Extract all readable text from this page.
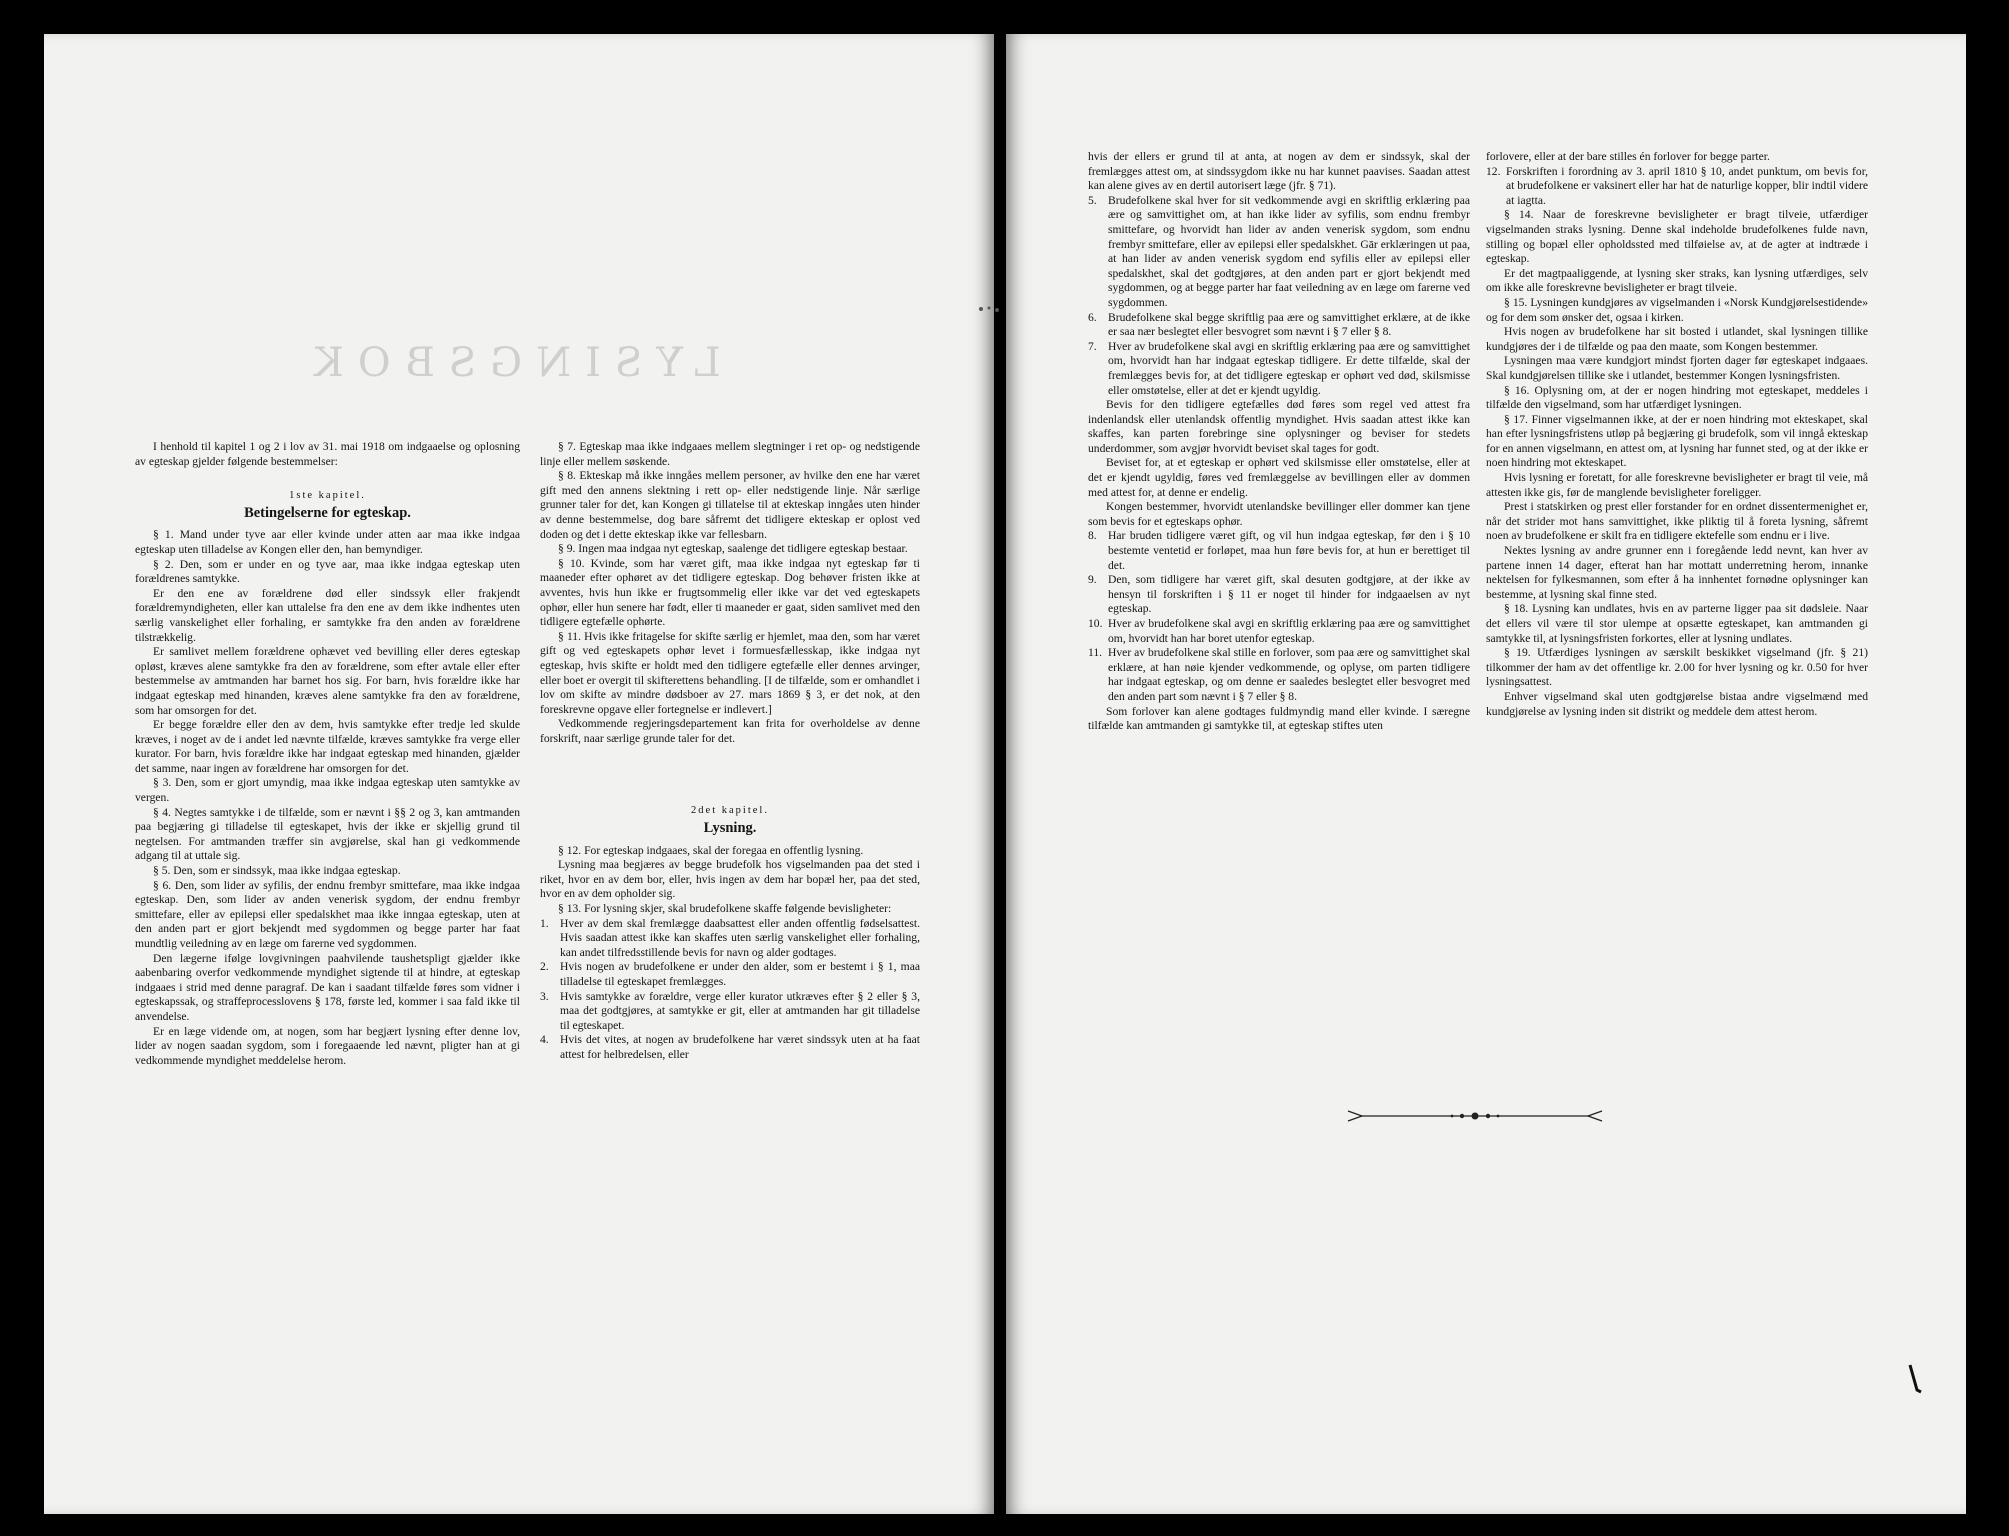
LYSINGSBOK

I henhold til kapitel 1 og 2 i lov av 31. mai 1918 om indgaaelse og oplosning av egteskap gjelder følgende bestemmelser:

1ste kapitel.
Betingelserne for egteskap.

§ 1. Mand under tyve aar eller kvinde under atten aar maa ikke indgaa egteskap uten tilladelse av Kongen eller den, han bemyndiger.

§ 2. Den, som er under en og tyve aar, maa ikke indgaa egteskap uten forældrenes samtykke.

Er den ene av forældrene død eller sindssyk eller frakjendt forældremyndigheten, eller kan uttalelse fra den ene av dem ikke indhentes uten særlig vanskelighet eller forhaling, er samtykke fra den anden av forældrene tilstrækkelig.

Er samlivet mellem forældrene ophævet ved bevilling eller deres egteskap opløst, kræves alene samtykke fra den av forældrene, som efter avtale eller efter bestemmelse av amtmanden har barnet hos sig. For barn, hvis forældre ikke har indgaat egteskap med hinanden, kræves alene samtykke fra den av forældrene, som har omsorgen for det.

Er begge forældre eller den av dem, hvis samtykke efter tredje led skulde kræves, i noget av de i andet led nævnte tilfælde, kræves samtykke fra verge eller kurator. For barn, hvis forældre ikke har indgaat egteskap med hinanden, gjælder det samme, naar ingen av forældrene har omsorgen for det.

§ 3. Den, som er gjort umyndig, maa ikke indgaa egteskap uten samtykke av vergen.

§ 4. Negtes samtykke i de tilfælde, som er nævnt i §§ 2 og 3, kan amtmanden paa begjæring gi tilladelse til egteskapet, hvis der ikke er skjellig grund til negtelsen. For amtmanden træffer sin avgjørelse, skal han gi vedkommende adgang til at uttale sig.

§ 5. Den, som er sindssyk, maa ikke indgaa egteskap.

§ 6. Den, som lider av syfilis, der endnu frembyr smittefare, maa ikke indgaa egteskap. Den, som lider av anden venerisk sygdom, der endnu frembyr smittefare, eller av epilepsi eller spedalskhet maa ikke inngaa egteskap, uten at den anden part er gjort bekjendt med sygdommen og begge parter har faat mundtlig veiledning av en læge om farerne ved sygdommen.

Den lægerne ifølge lovgivningen paahvilende taushetspligt gjælder ikke aabenbaring overfor vedkommende myndighet sigtende til at hindre, at egteskap indgaaes i strid med denne paragraf. De kan i saadant tilfælde føres som vidner i egteskapssak, og straffeprocesslovens § 178, første led, kommer i saa fald ikke til anvendelse.

Er en læge vidende om, at nogen, som har begjært lysning efter denne lov, lider av nogen saadan sygdom, som i foregaaende led nævnt, pligter han at gi vedkommende myndighet meddelelse herom.

§ 7. Egteskap maa ikke indgaaes mellem slegtninger i ret op- og nedstigende linje eller mellem søskende.

§ 8. Ekteskap må ikke inngåes mellem personer, av hvilke den ene har været gift med den annens slektning i rett op- eller nedstigende linje. Når særlige grunner taler for det, kan Kongen gi tillatelse til at ekteskap inngåes uten hinder av denne bestemmelse, dog bare såfremt det tidligere ekteskap er oplost ved doden og det i dette ekteskap ikke var fellesbarn.

§ 9. Ingen maa indgaa nyt egteskap, saalenge det tidligere egteskap bestaar.

§ 10. Kvinde, som har været gift, maa ikke indgaa nyt egteskap før ti maaneder efter ophøret av det tidligere egteskap. Dog behøver fristen ikke at avventes, hvis hun ikke er frugtsommelig eller ikke var det ved egteskapets ophør, eller hun senere har født, eller ti maaneder er gaat, siden samlivet med den tidligere egtefælle ophørte.

§ 11. Hvis ikke fritagelse for skifte særlig er hjemlet, maa den, som har været gift og ved egteskapets ophør levet i formuesfællesskap, ikke indgaa nyt egteskap, hvis skifte er holdt med den tidligere egtefælle eller dennes arvinger, eller boet er overgit til skifterettens behandling. [I de tilfælde, som er omhandlet i lov om skifte av mindre dødsboer av 27. mars 1869 § 3, er det nok, at den foreskrevne opgave eller fortegnelse er indlevert.]

Vedkommende regjeringsdepartement kan frita for overholdelse av denne forskrift, naar særlige grunde taler for det.

2det kapitel.
Lysning.

§ 12. For egteskap indgaaes, skal der foregaa en offentlig lysning.

Lysning maa begjæres av begge brudefolk hos vigselmanden paa det sted i riket, hvor en av dem bor, eller, hvis ingen av dem har bopæl her, paa det sted, hvor en av dem opholder sig.

§ 13. For lysning skjer, skal brudefolkene skaffe følgende bevisligheter:

1. Hver av dem skal fremlægge daabsattest eller anden offentlig fødselsattest. Hvis saadan attest ikke kan skaffes uten særlig vanskelighet eller forhaling, kan andet tilfredsstillende bevis for navn og alder godtages.
2. Hvis nogen av brudefolkene er under den alder, som er bestemt i § 1, maa tilladelse til egteskapet fremlægges.
3. Hvis samtykke av forældre, verge eller kurator utkræves efter § 2 eller § 3, maa det godtgjøres, at samtykke er git, eller at amtmanden har git tilladelse til egteskapet.
4. Hvis det vites, at nogen av brudefolkene har været sindssyk uten at ha faat attest for helbredelsen, eller

hvis der ellers er grund til at anta, at nogen av dem er sindssyk, skal der fremlægges attest om, at sindssygdom ikke nu har kunnet paavises. Saadan attest kan alene gives av en dertil autorisert læge (jfr. § 71).

5. Brudefolkene skal hver for sit vedkommende avgi en skriftlig erklæring paa ære og samvittighet om, at han ikke lider av syfilis, som endnu frembyr smittefare, og hvorvidt han lider av anden venerisk sygdom, som endnu frembyr smittefare, eller av epilepsi eller spedalskhet. Gār erklæringen ut paa, at han lider av anden venerisk sygdom end syfilis eller av epilepsi eller spedalskhet, skal det godtgjøres, at den anden part er gjort bekjendt med sygdommen, og at begge parter har faat veiledning av en læge om farerne ved sygdommen.
6. Brudefolkene skal begge skriftlig paa ære og samvittighet erklære, at de ikke er saa nær beslegtet eller besvogret som nævnt i § 7 eller § 8.
7. Hver av brudefolkene skal avgi en skriftlig erklæring paa ære og samvittighet om, hvorvidt han har indgaat egteskap tidligere. Er dette tilfælde, skal der fremlægges bevis for, at det tidligere egteskap er ophørt ved død, skilsmisse eller omstøtelse, eller at det er kjendt ugyldig.

Bevis for den tidligere egtefælles død føres som regel ved attest fra indenlandsk eller utenlandsk offentlig myndighet. Hvis saadan attest ikke kan skaffes, kan parten forebringe sine oplysninger og beviser for stedets underdommer, som avgjør hvorvidt beviset skal tages for godt.

Beviset for, at et egteskap er ophørt ved skilsmisse eller omstøtelse, eller at det er kjendt ugyldig, føres ved fremlæggelse av bevillingen eller av dommen med attest for, at denne er endelig.

Kongen bestemmer, hvorvidt utenlandske bevillinger eller dommer kan tjene som bevis for et egteskaps ophør.

8. Har bruden tidligere været gift, og vil hun indgaa egteskap, før den i § 10 bestemte ventetid er forløpet, maa hun føre bevis for, at hun er berettiget til det.
9. Den, som tidligere har været gift, skal desuten godtgjøre, at der ikke av hensyn til forskriften i § 11 er noget til hinder for indgaaelsen av nyt egteskap.
10. Hver av brudefolkene skal avgi en skriftlig erklæring paa ære og samvittighet om, hvorvidt han har boret utenfor egteskap.
11. Hver av brudefolkene skal stille en forlover, som paa ære og samvittighet skal erklære, at han nøie kjender vedkommende, og oplyse, om parten tidligere har indgaat egteskap, og om denne er saaledes beslegtet eller besvogret med den anden part som nævnt i § 7 eller § 8.

Som forlover kan alene godtages fuldmyndig mand eller kvinde. I særegne tilfælde kan amtmanden gi samtykke til, at egteskap stiftes uten

forlovere, eller at der bare stilles én forlover for begge parter.

12. Forskriften i forordning av 3. april 1810 § 10, andet punktum, om bevis for, at brudefolkene er vaksinert eller har hat de naturlige kopper, blir indtil videre at iagtta.

§ 14. Naar de foreskrevne bevisligheter er bragt tilveie, utfærdiger vigselmanden straks lysning. Denne skal indeholde brudefolkenes fulde navn, stilling og bopæl eller opholdssted med tilføielse av, at de agter at indtræde i egteskap.

Er det magtpaaliggende, at lysning sker straks, kan lysning utfærdiges, selv om ikke alle foreskrevne bevisligheter er bragt tilveie.

§ 15. Lysningen kundgjøres av vigselmanden i «Norsk Kundgjørelsestidende» og for dem som ønsker det, ogsaa i kirken.

Hvis nogen av brudefolkene har sit bosted i utlandet, skal lysningen tillike kundgjøres der i de tilfælde og paa den maate, som Kongen bestemmer.

Lysningen maa være kundgjort mindst fjorten dager før egteskapet indgaaes. Skal kundgjørelsen tillike ske i utlandet, bestemmer Kongen lysningsfristen.

§ 16. Oplysning om, at der er nogen hindring mot egteskapet, meddeles i tilfælde den vigselmand, som har utfærdiget lysningen.

§ 17. Finner vigselmannen ikke, at der er noen hindring mot ekteskapet, skal han efter lysningsfristens utløp på begjæring gi brudefolk, som vil inngå ekteskap for en annen vigselmann, en attest om, at lysning har funnet sted, og at der ikke er noen hindring mot ekteskapet.

Hvis lysning er foretatt, for alle foreskrevne bevisligheter er bragt til veie, må attesten ikke gis, før de manglende bevisligheter foreligger.

Prest i statskirken og prest eller forstander for en ordnet dissentermenighet er, når det strider mot hans samvittighet, ikke pliktig til å foreta lysning, såfremt noen av brudefolkene er skilt fra en tidligere ektefelle som endnu er i live.

Nektes lysning av andre grunner enn i foregående ledd nevnt, kan hver av partene innen 14 dager, efterat han har mottatt underretning herom, innanke nektelsen for fylkesmannen, som efter å ha innhentet fornødne oplysninger kan bestemme, at lysning skal finne sted.

§ 18. Lysning kan undlates, hvis en av parterne ligger paa sit dødsleie. Naar det ellers vil være til stor ulempe at opsætte egteskapet, kan amtmanden gi samtykke til, at lysningsfristen forkortes, eller at lysning undlates.

§ 19. Utfærdiges lysningen av særskilt beskikket vigselmand (jfr. § 21) tilkommer der ham av det offentlige kr. 2.00 for hver lysning og kr. 0.50 for hver lysningsattest.

Enhver vigselmand skal uten godtgjørelse bistaa andre vigselmænd med kundgjørelse av lysning inden sit distrikt og meddele dem attest herom.
